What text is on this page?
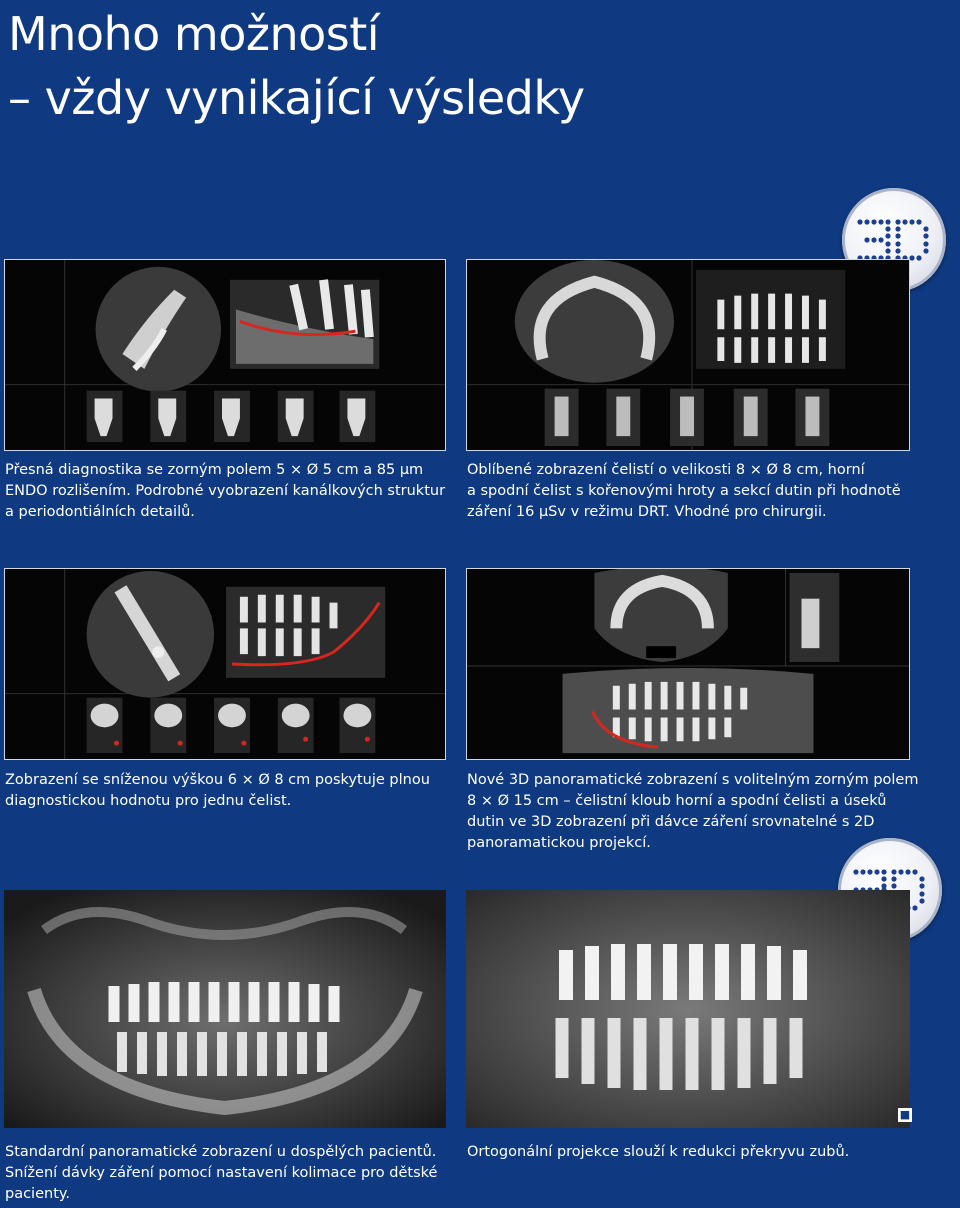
Mnoho možností
– vždy vynikající výsledky

Přesná diagnostika se zorným polem 5 × Ø 5 cm a 85 µm
ENDO rozlišením. Podrobné vyobrazení kanálkových struktur
a periodontiálních detailů.

Oblíbené zobrazení čelistí o velikosti 8 × Ø 8 cm, horní
a spodní čelist s kořenovými hroty a sekcí dutin při hodnotě
záření 16 µSv v režimu DRT. Vhodné pro chirurgii.

Zobrazení se sníženou výškou 6 × Ø 8 cm poskytuje plnou
diagnostickou hodnotu pro jednu čelist.

Nové 3D panoramatické zobrazení s volitelným zorným polem
8 × Ø 15 cm – čelistní kloub horní a spodní čelisti a úseků
dutin ve 3D zobrazení při dávce záření srovnatelné s 2D
panoramatickou projekcí.

■

Standardní panoramatické zobrazení u dospělých pacientů.
Snížení dávky záření pomocí nastavení kolimace pro dětské
pacienty.

Ortogonální projekce slouží k redukci překryvu zubů.
